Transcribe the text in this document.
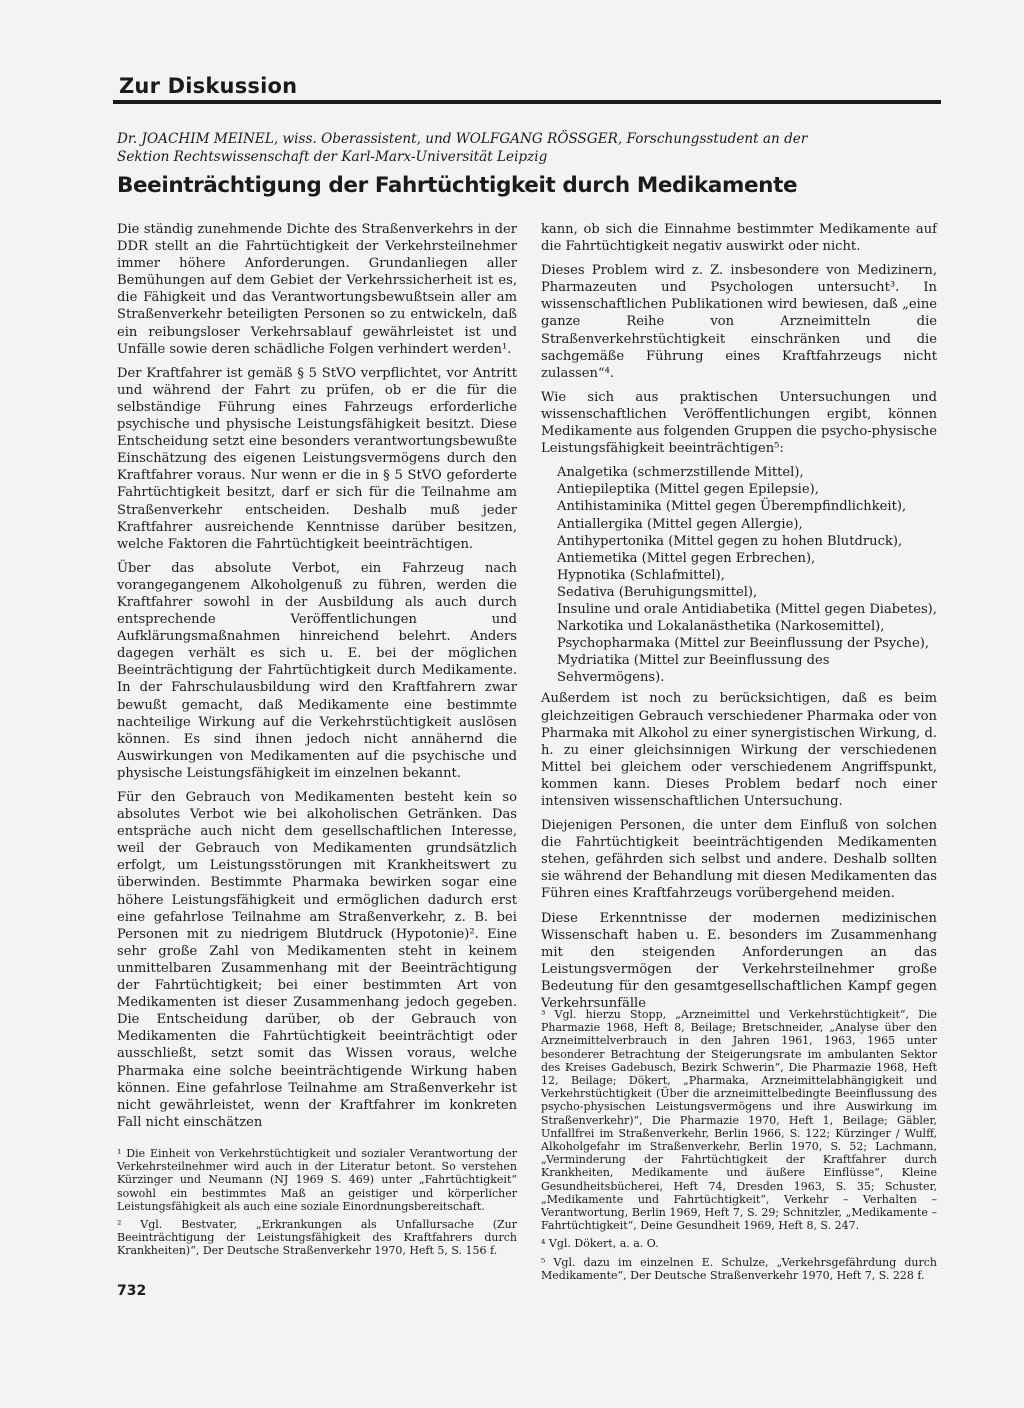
Zur Diskussion
Dr. JOACHIM MEINEL, wiss. Oberassistent, und WOLFGANG RÖSSGER, Forschungsstudent an der Sektion Rechtswissenschaft der Karl-Marx-Universität Leipzig
Beeinträchtigung der Fahrtüchtigkeit durch Medikamente

Die ständig zunehmende Dichte des Straßenverkehrs in der DDR stellt an die Fahrtüchtigkeit der Verkehrsteilnehmer immer höhere Anforderungen. Grundanliegen aller Bemühungen auf dem Gebiet der Verkehrssicherheit ist es, die Fähigkeit und das Verantwortungsbewußtsein aller am Straßenverkehr beteiligten Personen so zu entwickeln, daß ein reibungsloser Verkehrsablauf gewährleistet ist und Unfälle sowie deren schädliche Folgen verhindert werden¹.

Der Kraftfahrer ist gemäß § 5 StVO verpflichtet, vor Antritt und während der Fahrt zu prüfen, ob er die für die selbständige Führung eines Fahrzeugs erforderliche psychische und physische Leistungsfähigkeit besitzt. Diese Entscheidung setzt eine besonders verantwortungsbewußte Einschätzung des eigenen Leistungsvermögens durch den Kraftfahrer voraus. Nur wenn er die in § 5 StVO geforderte Fahrtüchtigkeit besitzt, darf er sich für die Teilnahme am Straßenverkehr entscheiden. Deshalb muß jeder Kraftfahrer ausreichende Kenntnisse darüber besitzen, welche Faktoren die Fahrtüchtigkeit beeinträchtigen.

Über das absolute Verbot, ein Fahrzeug nach vorangegangenem Alkoholgenuß zu führen, werden die Kraftfahrer sowohl in der Ausbildung als auch durch entsprechende Veröffentlichungen und Aufklärungsmaßnahmen hinreichend belehrt. Anders dagegen verhält es sich u. E. bei der möglichen Beeinträchtigung der Fahrtüchtigkeit durch Medikamente. In der Fahrschulausbildung wird den Kraftfahrern zwar bewußt gemacht, daß Medikamente eine bestimmte nachteilige Wirkung auf die Verkehrstüchtigkeit auslösen können. Es sind ihnen jedoch nicht annähernd die Auswirkungen von Medikamenten auf die psychische und physische Leistungsfähigkeit im einzelnen bekannt.

Für den Gebrauch von Medikamenten besteht kein so absolutes Verbot wie bei alkoholischen Getränken. Das entspräche auch nicht dem gesellschaftlichen Interesse, weil der Gebrauch von Medikamenten grundsätzlich erfolgt, um Leistungsstörungen mit Krankheitswert zu überwinden. Bestimmte Pharmaka bewirken sogar eine höhere Leistungsfähigkeit und ermöglichen dadurch erst eine gefahrlose Teilnahme am Straßenverkehr, z. B. bei Personen mit zu niedrigem Blutdruck (Hypotonie)². Eine sehr große Zahl von Medikamenten steht in keinem unmittelbaren Zusammenhang mit der Beeinträchtigung der Fahrtüchtigkeit; bei einer bestimmten Art von Medikamenten ist dieser Zusammenhang jedoch gegeben. Die Entscheidung darüber, ob der Gebrauch von Medikamenten die Fahrtüchtigkeit beeinträchtigt oder ausschließt, setzt somit das Wissen voraus, welche Pharmaka eine solche beeinträchtigende Wirkung haben können. Eine gefahrlose Teilnahme am Straßenverkehr ist nicht gewährleistet, wenn der Kraftfahrer im konkreten Fall nicht einschätzen

kann, ob sich die Einnahme bestimmter Medikamente auf die Fahrtüchtigkeit negativ auswirkt oder nicht.

Dieses Problem wird z. Z. insbesondere von Medizinern, Pharmazeuten und Psychologen untersucht³. In wissenschaftlichen Publikationen wird bewiesen, daß „eine ganze Reihe von Arzneimitteln die Straßenverkehrstüchtigkeit einschränken und die sachgemäße Führung eines Kraftfahrzeugs nicht zulassen“⁴.

Wie sich aus praktischen Untersuchungen und wissenschaftlichen Veröffentlichungen ergibt, können Medikamente aus folgenden Gruppen die psycho-physische Leistungsfähigkeit beeinträchtigen⁵:

Analgetika (schmerzstillende Mittel),
Antiepileptika (Mittel gegen Epilepsie),
Antihistaminika (Mittel gegen Überempfindlichkeit),
Antiallergika (Mittel gegen Allergie),
Antihypertonika (Mittel gegen zu hohen Blutdruck),
Antiemetika (Mittel gegen Erbrechen),
Hypnotika (Schlafmittel),
Sedativa (Beruhigungsmittel),
Insuline und orale Antidiabetika (Mittel gegen Diabetes),
Narkotika und Lokalanästhetika (Narkosemittel),
Psychopharmaka (Mittel zur Beeinflussung der Psyche),
Mydriatika (Mittel zur Beeinflussung des Sehvermögens).

Außerdem ist noch zu berücksichtigen, daß es beim gleichzeitigen Gebrauch verschiedener Pharmaka oder von Pharmaka mit Alkohol zu einer synergistischen Wirkung, d. h. zu einer gleichsinnigen Wirkung der verschiedenen Mittel bei gleichem oder verschiedenem Angriffspunkt, kommen kann. Dieses Problem bedarf noch einer intensiven wissenschaftlichen Untersuchung.

Diejenigen Personen, die unter dem Einfluß von solchen die Fahrtüchtigkeit beeinträchtigenden Medikamenten stehen, gefährden sich selbst und andere. Deshalb sollten sie während der Behandlung mit diesen Medikamenten das Führen eines Kraftfahrzeugs vorübergehend meiden.

Diese Erkenntnisse der modernen medizinischen Wissenschaft haben u. E. besonders im Zusammenhang mit den steigenden Anforderungen an das Leistungsvermögen der Verkehrsteilnehmer große Bedeutung für den gesamtgesellschaftlichen Kampf gegen Verkehrsunfälle

¹ Die Einheit von Verkehrstüchtigkeit und sozialer Verantwortung der Verkehrsteilnehmer wird auch in der Literatur betont. So verstehen Kürzinger und Neumann (NJ 1969 S. 469) unter „Fahrtüchtigkeit“ sowohl ein bestimmtes Maß an geistiger und körperlicher Leistungsfähigkeit als auch eine soziale Einordnungsbereitschaft.

² Vgl. Bestvater, „Erkrankungen als Unfallursache (Zur Beeinträchtigung der Leistungsfähigkeit des Kraftfahrers durch Krankheiten)“, Der Deutsche Straßenverkehr 1970, Heft 5, S. 156 f.

³ Vgl. hierzu Stopp, „Arzneimittel und Verkehrstüchtigkeit“, Die Pharmazie 1968, Heft 8, Beilage; Bretschneider, „Analyse über den Arzneimittelverbrauch in den Jahren 1961, 1963, 1965 unter besonderer Betrachtung der Steigerungsrate im ambulanten Sektor des Kreises Gadebusch, Bezirk Schwerin“, Die Pharmazie 1968, Heft 12, Beilage; Dökert, „Pharmaka, Arzneimittelabhängigkeit und Verkehrstüchtigkeit (Über die arzneimittelbedingte Beeinflussung des psycho-physischen Leistungsvermögens und ihre Auswirkung im Straßenverkehr)“, Die Pharmazie 1970, Heft 1, Beilage; Gäbler, Unfallfrei im Straßenverkehr, Berlin 1966, S. 122; Kürzinger / Wulff, Alkoholgefahr im Straßenverkehr, Berlin 1970, S. 52; Lachmann, „Verminderung der Fahrtüchtigkeit der Kraftfahrer durch Krankheiten, Medikamente und äußere Einflüsse“, Kleine Gesundheitsbücherei, Heft 74, Dresden 1963, S. 35; Schuster, „Medikamente und Fahrtüchtigkeit“, Verkehr – Verhalten – Verantwortung, Berlin 1969, Heft 7, S. 29; Schnitzler, „Medikamente – Fahrtüchtigkeit“, Deine Gesundheit 1969, Heft 8, S. 247.

⁴ Vgl. Dökert, a. a. O.

⁵ Vgl. dazu im einzelnen E. Schulze, „Verkehrsgefährdung durch Medikamente“, Der Deutsche Straßenverkehr 1970, Heft 7, S. 228 f.

732
